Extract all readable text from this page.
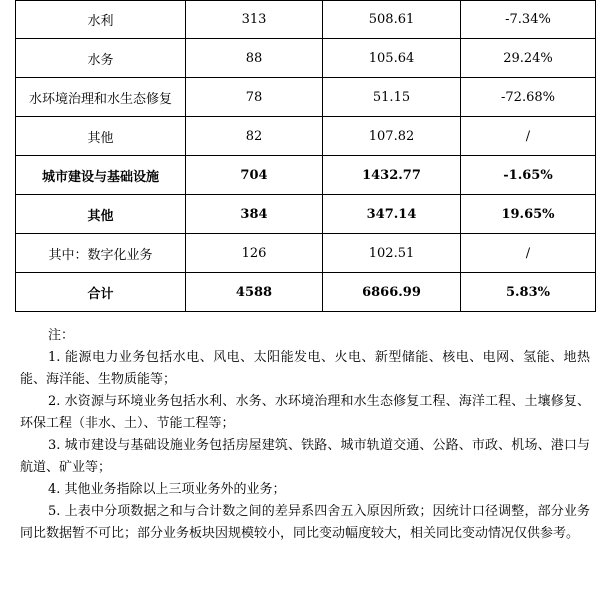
水利	313	508.61	-7.34%
水务	88	105.64	29.24%
水环境治理和水生态修复	78	51.15	-72.68%
其他	82	107.82	/
城市建设与基础设施	704	1432.77	-1.65%
其他	384	347.14	19.65%
其中：数字化业务	126	102.51	/
合计	4588	6866.99	5.83%
注：

1. 能源电力业务包括水电、风电、太阳能发电、火电、新型储能、核电、电网、氢能、地热能、海洋能、生物质能等；

2. 水资源与环境业务包括水利、水务、水环境治理和水生态修复工程、海洋工程、土壤修复、环保工程（非水、土）、节能工程等；

3. 城市建设与基础设施业务包括房屋建筑、铁路、城市轨道交通、公路、市政、机场、港口与航道、矿业等；

4. 其他业务指除以上三项业务外的业务；

5. 上表中分项数据之和与合计数之间的差异系四舍五入原因所致；因统计口径调整，部分业务同比数据暂不可比；部分业务板块因规模较小，同比变动幅度较大，相关同比变动情况仅供参考。
